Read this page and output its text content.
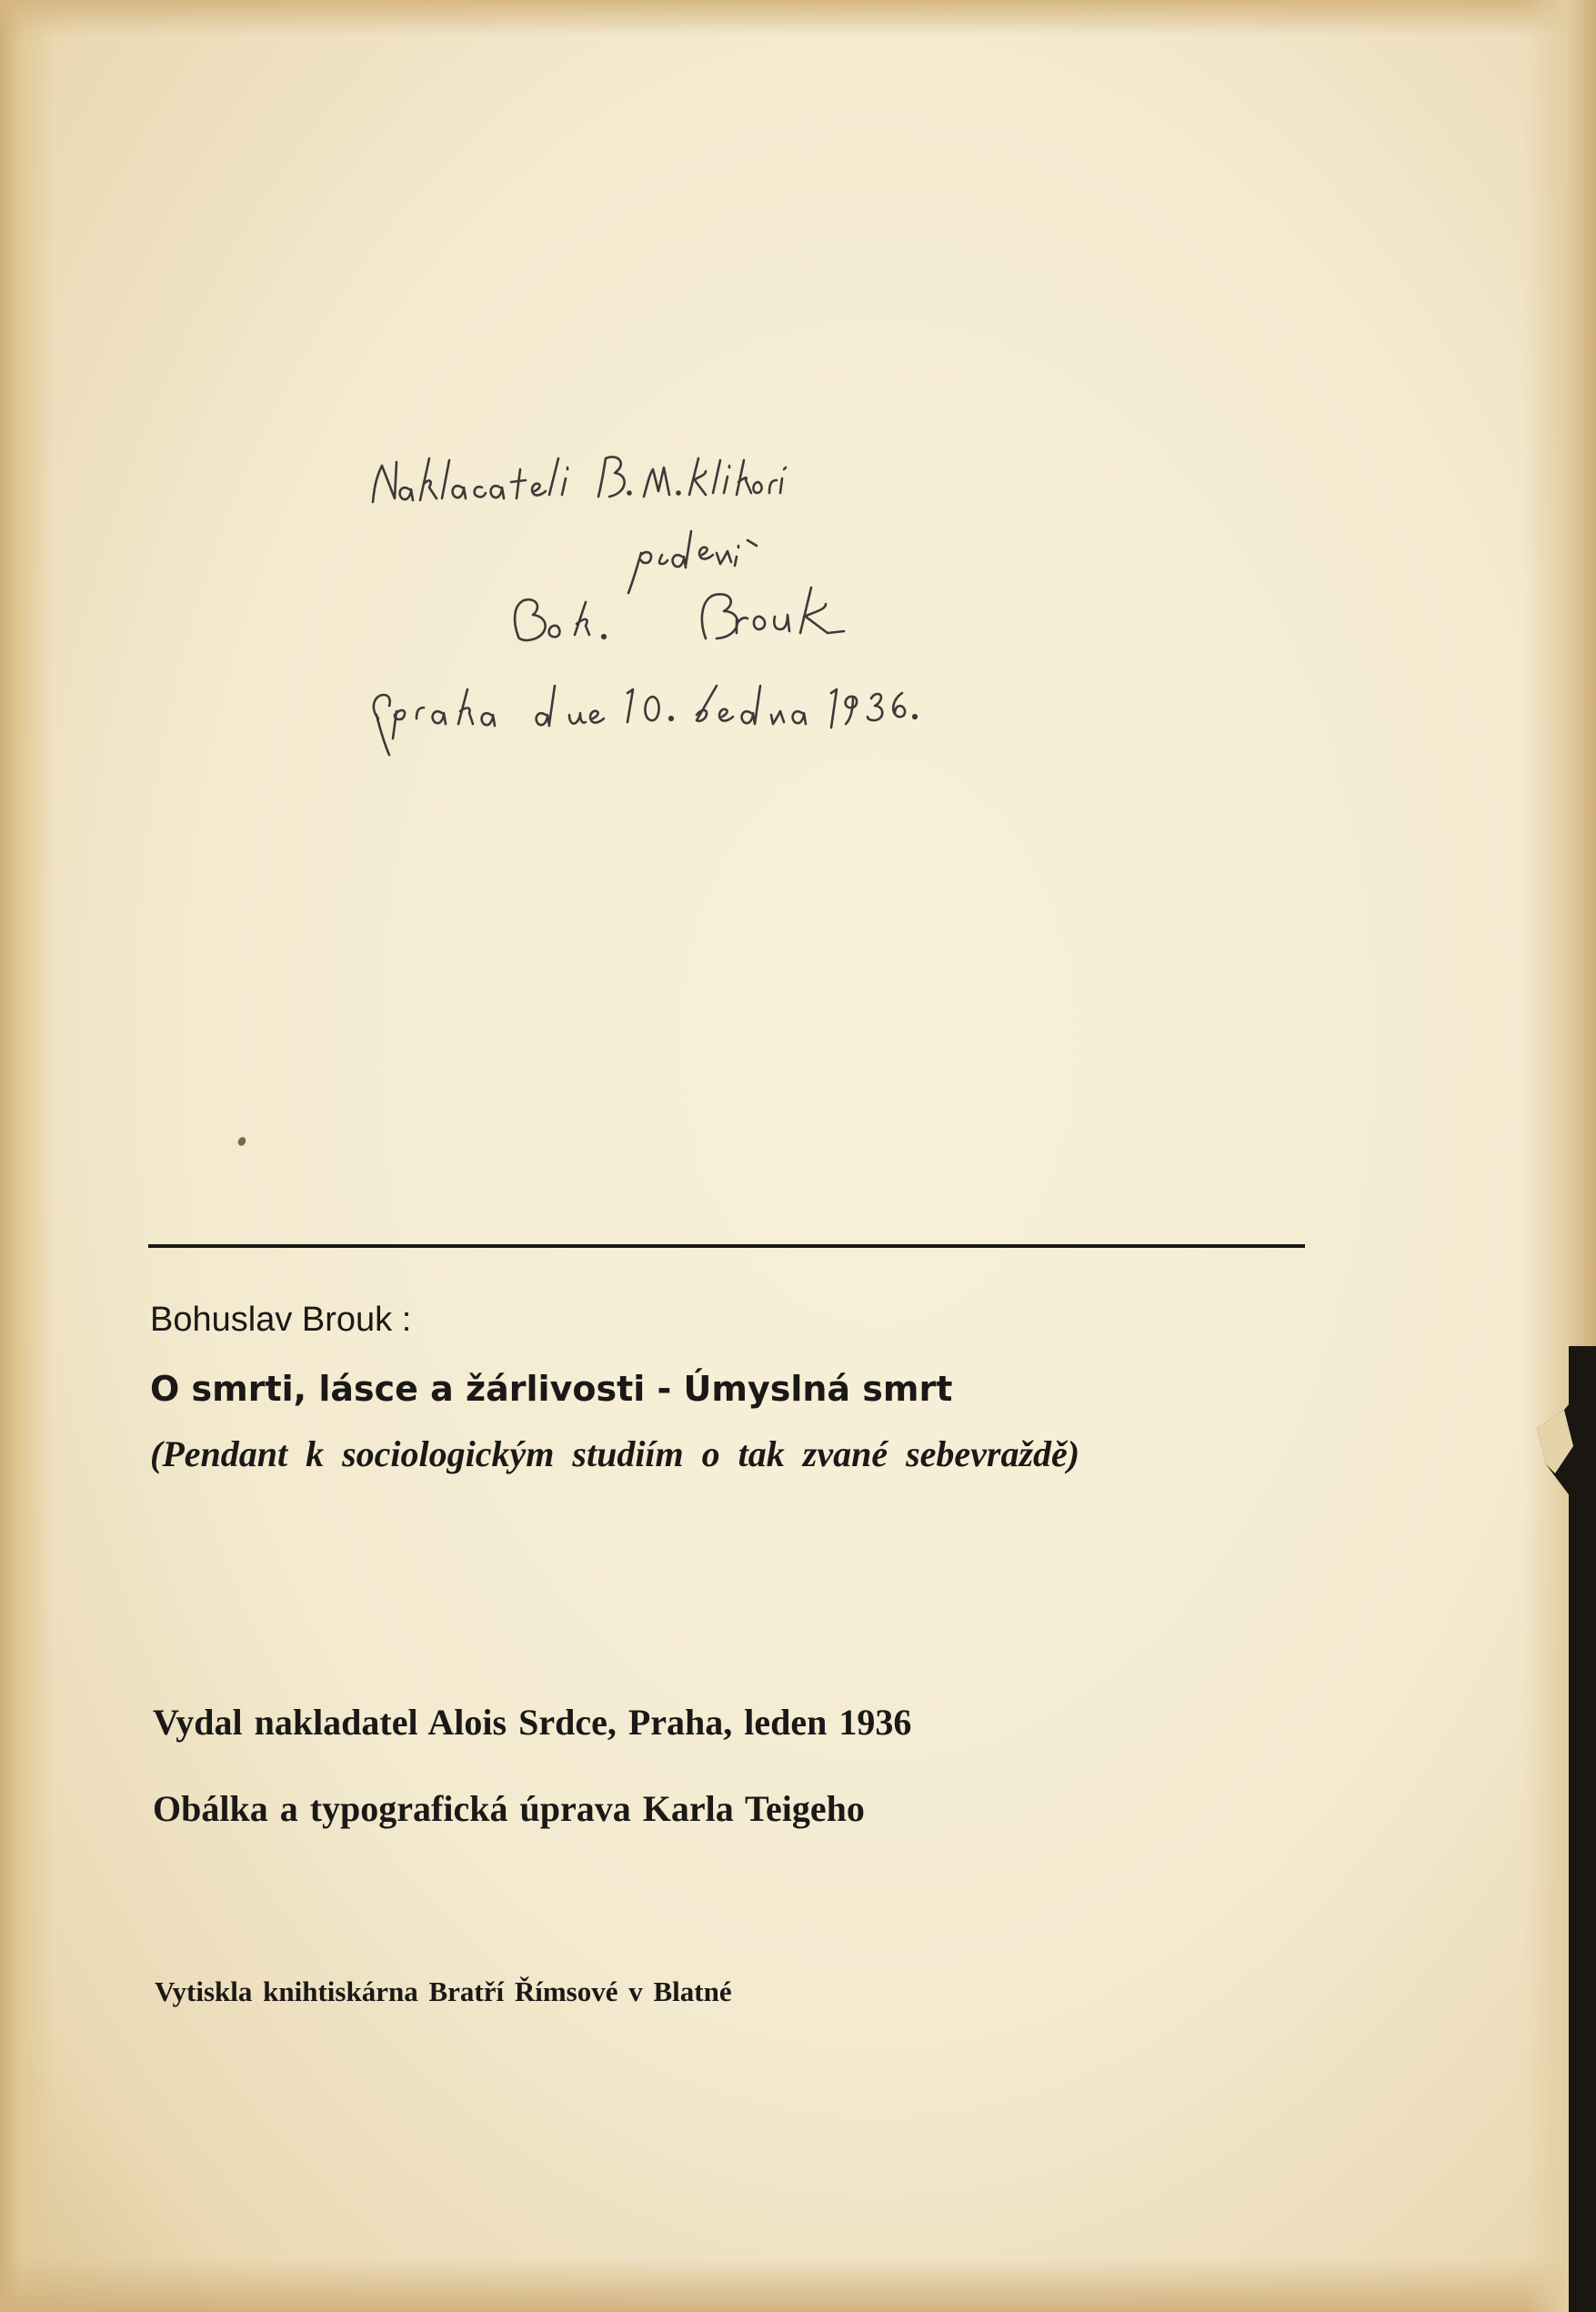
Bohuslav Brouk :
O smrti, lásce a žárlivosti - Úmyslná smrt
(Pendant k sociologickým studiím o tak zvané sebevraždě)
Vydal nakladatel Alois Srdce, Praha, leden 1936
Obálka a typografická úprava Karla Teigeho
Vytiskla knihtiskárna Bratří Římsové v Blatné
